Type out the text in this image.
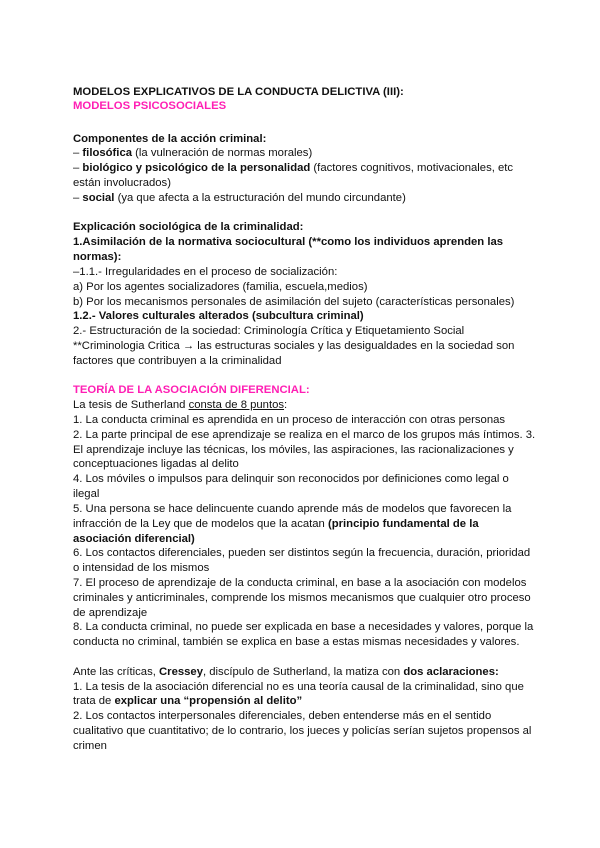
MODELOS EXPLICATIVOS DE LA CONDUCTA DELICTIVA (III):
MODELOS PSICOSOCIALES
Componentes de la acción criminal:
– filosófica (la vulneración de normas morales)
– biológico y psicológico de la personalidad (factores cognitivos, motivacionales, etc
están involucrados)
– social (ya que afecta a la estructuración del mundo circundante)
Explicación sociológica de la criminalidad:
1.Asimilación de la normativa sociocultural (**como los individuos aprenden las
normas):
–1.1.- Irregularidades en el proceso de socialización:
a) Por los agentes socializadores (familia, escuela,medios)
b) Por los mecanismos personales de asimilación del sujeto (características personales)
1.2.- Valores culturales alterados (subcultura criminal)
2.- Estructuración de la sociedad: Criminología Crítica y Etiquetamiento Social
**Criminologia Critica → las estructuras sociales y las desigualdades en la sociedad son
factores que contribuyen a la criminalidad
TEORÍA DE LA ASOCIACIÓN DIFERENCIAL:
La tesis de Sutherland consta de 8 puntos:
1. La conducta criminal es aprendida en un proceso de interacción con otras personas
2. La parte principal de ese aprendizaje se realiza en el marco de los grupos más íntimos. 3.
El aprendizaje incluye las técnicas, los móviles, las aspiraciones, las racionalizaciones y
conceptuaciones ligadas al delito
4. Los móviles o impulsos para delinquir son reconocidos por definiciones como legal o
ilegal
5. Una persona se hace delincuente cuando aprende más de modelos que favorecen la
infracción de la Ley que de modelos que la acatan (principio fundamental de la
asociación diferencial)
6. Los contactos diferenciales, pueden ser distintos según la frecuencia, duración, prioridad
o intensidad de los mismos
7. El proceso de aprendizaje de la conducta criminal, en base a la asociación con modelos
criminales y anticriminales, comprende los mismos mecanismos que cualquier otro proceso
de aprendizaje
8. La conducta criminal, no puede ser explicada en base a necesidades y valores, porque la
conducta no criminal, también se explica en base a estas mismas necesidades y valores.
Ante las críticas, Cressey, discípulo de Sutherland, la matiza con dos aclaraciones:
1. La tesis de la asociación diferencial no es una teoría causal de la criminalidad, sino que
trata de explicar una “propensión al delito”
2. Los contactos interpersonales diferenciales, deben entenderse más en el sentido
cualitativo que cuantitativo; de lo contrario, los jueces y policías serían sujetos propensos al
crimen
